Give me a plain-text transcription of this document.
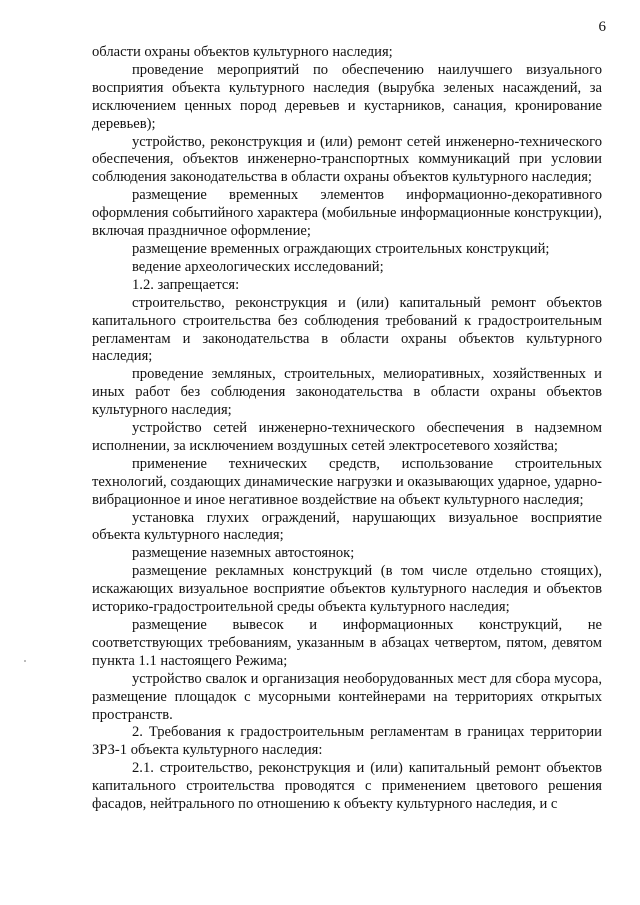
6

области охраны объектов культурного наследия;

проведение мероприятий по обеспечению наилучшего визуального восприятия объекта культурного наследия (вырубка зеленых насаждений, за исключением ценных пород деревьев и кустарников, санация, кронирование деревьев);

устройство, реконструкция и (или) ремонт сетей инженерно-технического обеспечения, объектов инженерно-транспортных коммуникаций при условии соблюдения законодательства в области охраны объектов культурного наследия;

размещение временных элементов информационно-декоративного оформления событийного характера (мобильные информационные конструкции), включая праздничное оформление;

размещение временных ограждающих строительных конструкций;

ведение археологических исследований;

1.2. запрещается:

строительство, реконструкция и (или) капитальный ремонт объектов капитального строительства без соблюдения требований к градостроительным регламентам и законодательства в области охраны объектов культурного наследия;

проведение земляных, строительных, мелиоративных, хозяйственных и иных работ без соблюдения законодательства в области охраны объектов культурного наследия;

устройство сетей инженерно-технического обеспечения в надземном исполнении, за исключением воздушных сетей электросетевого хозяйства;

применение технических средств, использование строительных технологий, создающих динамические нагрузки и оказывающих ударное, ударно-вибрационное и иное негативное воздействие на объект культурного наследия;

установка глухих ограждений, нарушающих визуальное восприятие объекта культурного наследия;

размещение наземных автостоянок;

размещение рекламных конструкций (в том числе отдельно стоящих), искажающих визуальное восприятие объектов культурного наследия и объектов историко-градостроительной среды объекта культурного наследия;

размещение вывесок и информационных конструкций, не соответствующих требованиям, указанным в абзацах четвертом, пятом, девятом пункта 1.1 настоящего Режима;

устройство свалок и организация необорудованных мест для сбора мусора, размещение площадок с мусорными контейнерами на территориях открытых пространств.

2. Требования к градостроительным регламентам в границах территории ЗРЗ-1 объекта культурного наследия:

2.1. строительство, реконструкция и (или) капитальный ремонт объектов капитального строительства проводятся с применением цветового решения фасадов, нейтрального по отношению к объекту культурного наследия, и с
